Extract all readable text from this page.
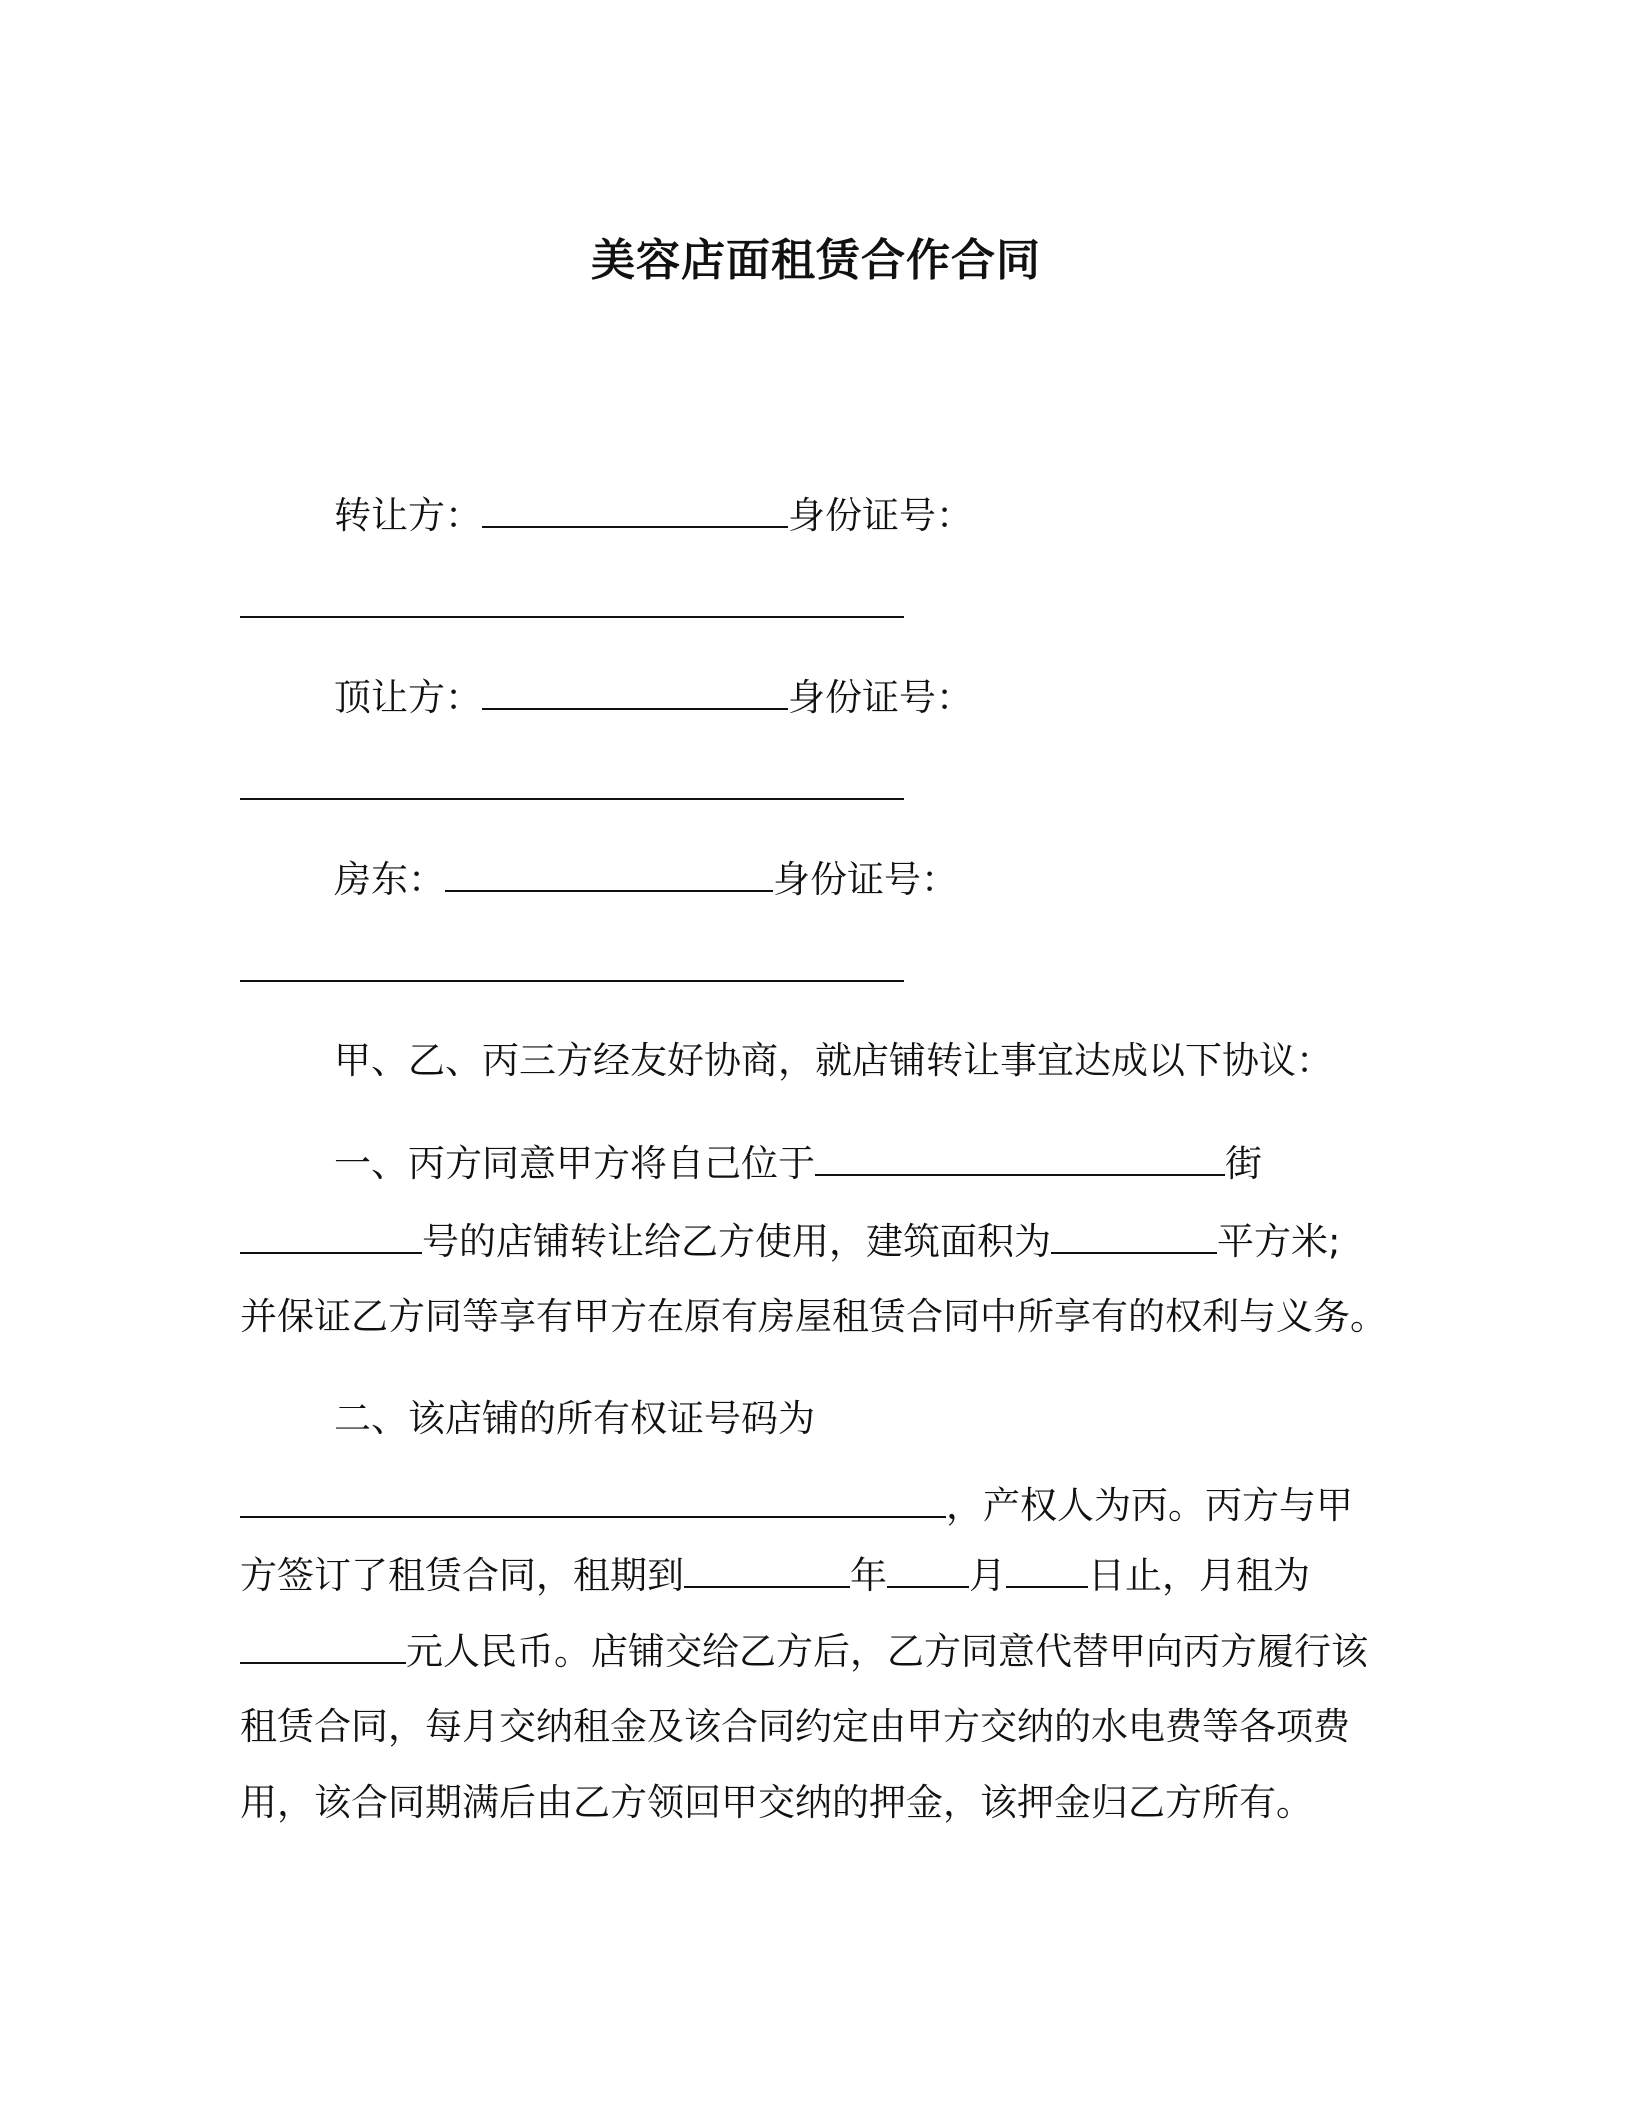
美容店面租赁合作合同
转让方：	身份证号：
顶让方：	身份证号：
房东：	身份证号：
甲、乙、丙三方经友好协商，就店铺转让事宜达成以下协议：
一、丙方同意甲方将自己位于	街
号的店铺转让给乙方使用，建筑面积为	平方米;
并保证乙方同等享有甲方在原有房屋租赁合同中所享有的权利与义务。
二、该店铺的所有权证号码为
，产权人为丙。丙方与甲
方签订了租赁合同，租期到	年 月 日止，月租为
元人民币。店铺交给乙方后，乙方同意代替甲向丙方履行该
租赁合同，每月交纳租金及该合同约定由甲方交纳的水电费等各项费
用，该合同期满后由乙方领回甲交纳的押金，该押金归乙方所有。
